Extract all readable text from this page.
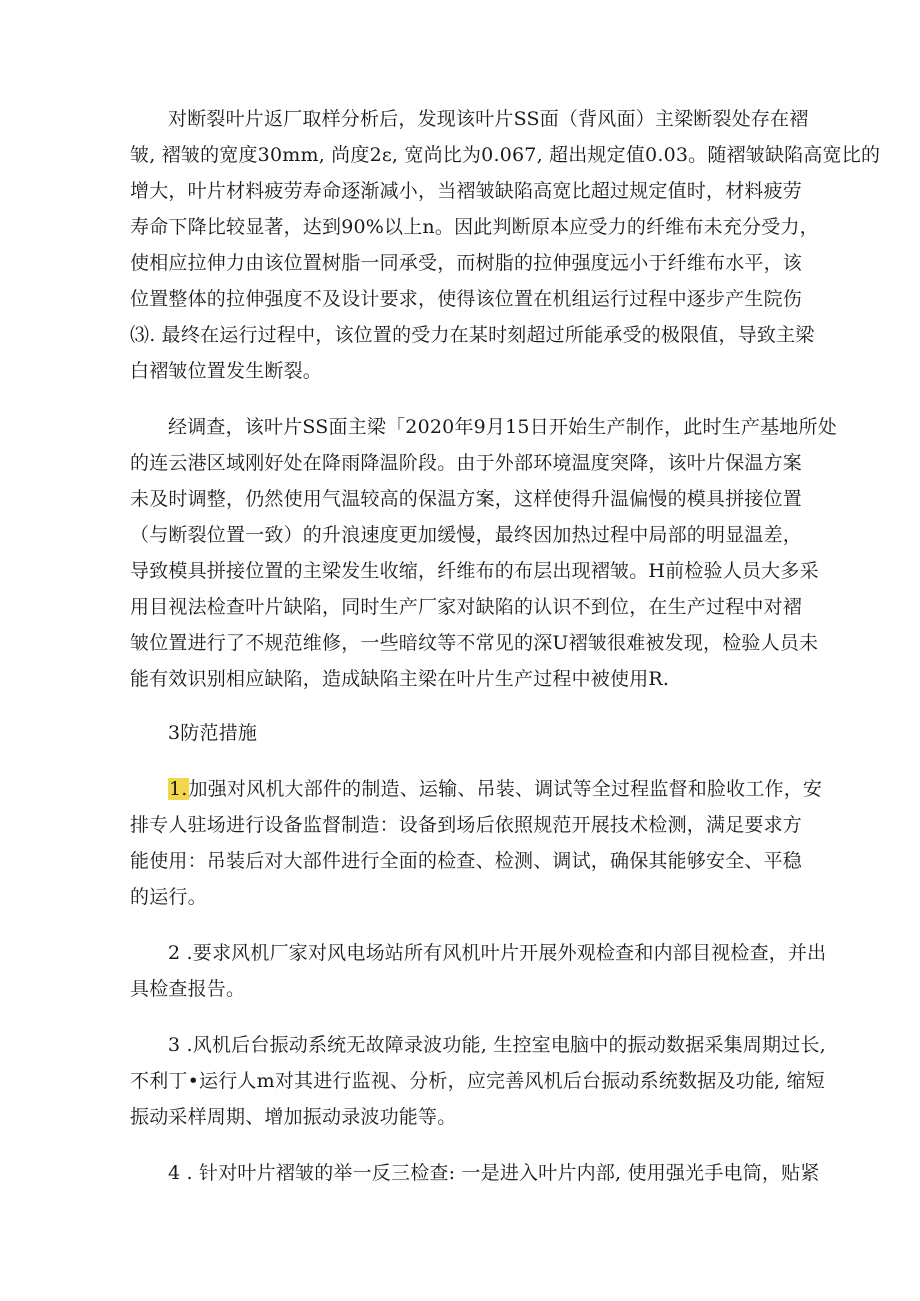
对断裂叶片返厂取样分析后，发现该叶片SS面（背风面）主梁断裂处存在褶
皱, 褶皱的宽度30mm, 尚度2ε, 宽尚比为0.067, 超出规定值0.03。随褶皱缺陷高宽比的
增大，叶片材料疲劳寿命逐渐减小，当褶皱缺陷高宽比超过规定值时，材料疲劳
寿命下降比较显著，达到90%以上n。因此判断原本应受力的纤维布未充分受力，
使相应拉伸力由该位置树脂一同承受，而树脂的拉伸强度远小于纤维布水平，该
位置整体的拉伸强度不及设计要求，使得该位置在机组运行过程中逐步产生院伤
⑶. 最终在运行过程中，该位置的受力在某时刻超过所能承受的极限值，导致主梁
白褶皱位置发生断裂。
经调查，该叶片SS面主梁「2020年9月15日开始生产制作，此时生产基地所处
的连云港区域刚好处在降雨降温阶段。由于外部环境温度突降，该叶片保温方案
未及时调整，仍然使用气温较高的保温方案，这样使得升温偏慢的模具拼接位置
（与断裂位置一致）的升浪速度更加缓慢，最终因加热过程中局部的明显温差，
导致模具拼接位置的主梁发生收缩，纤维布的布层出现褶皱。H前检验人员大多采
用目视法检查叶片缺陷，同时生产厂家对缺陷的认识不到位，在生产过程中对褶
皱位置进行了不规范维修，一些暗纹等不常见的深U褶皱很难被发现，检验人员未
能有效识别相应缺陷，造成缺陷主梁在叶片生产过程中被使用R.
3防范措施
1.加强对风机大部件的制造、运输、吊装、调试等全过程监督和脸收工作，安
排专人驻场进行设备监督制造：设备到场后依照规范开展技术检测，满足要求方
能使用：吊装后对大部件进行全面的检查、检测、调试，确保其能够安全、平稳
的运行。
2 .要求风机厂家对风电场站所有风机叶片开展外观检查和内部目视检查，并出
具检查报告。
3 .风机后台振动系统无故障录波功能, 生控室电脑中的振动数据采集周期过长,
不利丁•运行人m对其进行监视、分析，应完善风机后台振动系统数据及功能, 缩短
振动采样周期、增加振动录波功能等。
4 . 针对叶片褶皱的举一反三检查: 一是进入叶片内部, 使用强光手电筒，贴紧
